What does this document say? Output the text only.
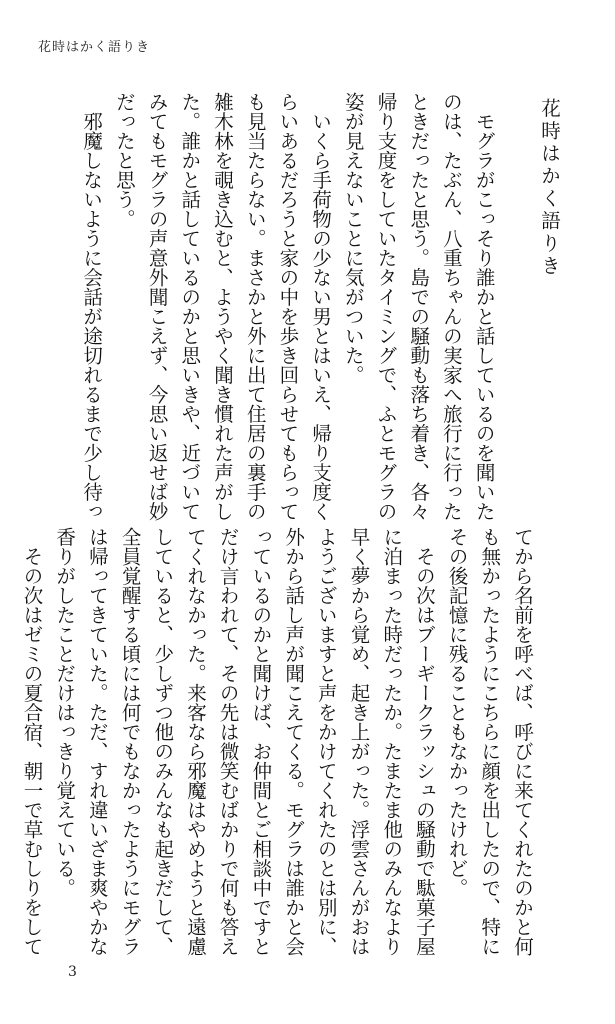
花時はかく語りき
花時はかく語りき
　モグラがこっそり誰かと話しているのを聞いた
のは、たぶん、八重ちゃんの実家へ旅行に行った
ときだったと思う。島での騒動も落ち着き、各々
帰り支度をしていたタイミングで、ふとモグラの
姿が見えないことに気がついた。
　いくら手荷物の少ない男とはいえ、帰り支度く
らいあるだろうと家の中を歩き回らせてもらって
も見当たらない。まさかと外に出て住居の裏手の
雑木林を覗き込むと、ようやく聞き慣れた声がし
た。誰かと話しているのかと思いきや、近づいて
みてもモグラの声意外聞こえず、今思い返せば妙
だったと思う。
　邪魔しないように会話が途切れるまで少し待っ
てから名前を呼べば、呼びに来てくれたのかと何
も無かったようにこちらに顔を出したので、特に
その後記憶に残ることもなかったけれど。
　その次はブーギークラッシュの騒動で駄菓子屋
に泊まった時だったか。たまたま他のみんなより
早く夢から覚め、起き上がった。浮雲さんがおは
ようございますと声をかけてくれたのとは別に、
外から話し声が聞こえてくる。モグラは誰かと会
っているのかと聞けば、お仲間とご相談中ですと
だけ言われて、その先は微笑むばかりで何も答え
てくれなかった。来客なら邪魔はやめようと遠慮
していると、少しずつ他のみんなも起きだして、
全員覚醒する頃には何でもなかったようにモグラ
は帰ってきていた。ただ、すれ違いざま爽やかな
香りがしたことだけはっきり覚えている。
　その次はゼミの夏合宿、朝一で草むしりをして
3
